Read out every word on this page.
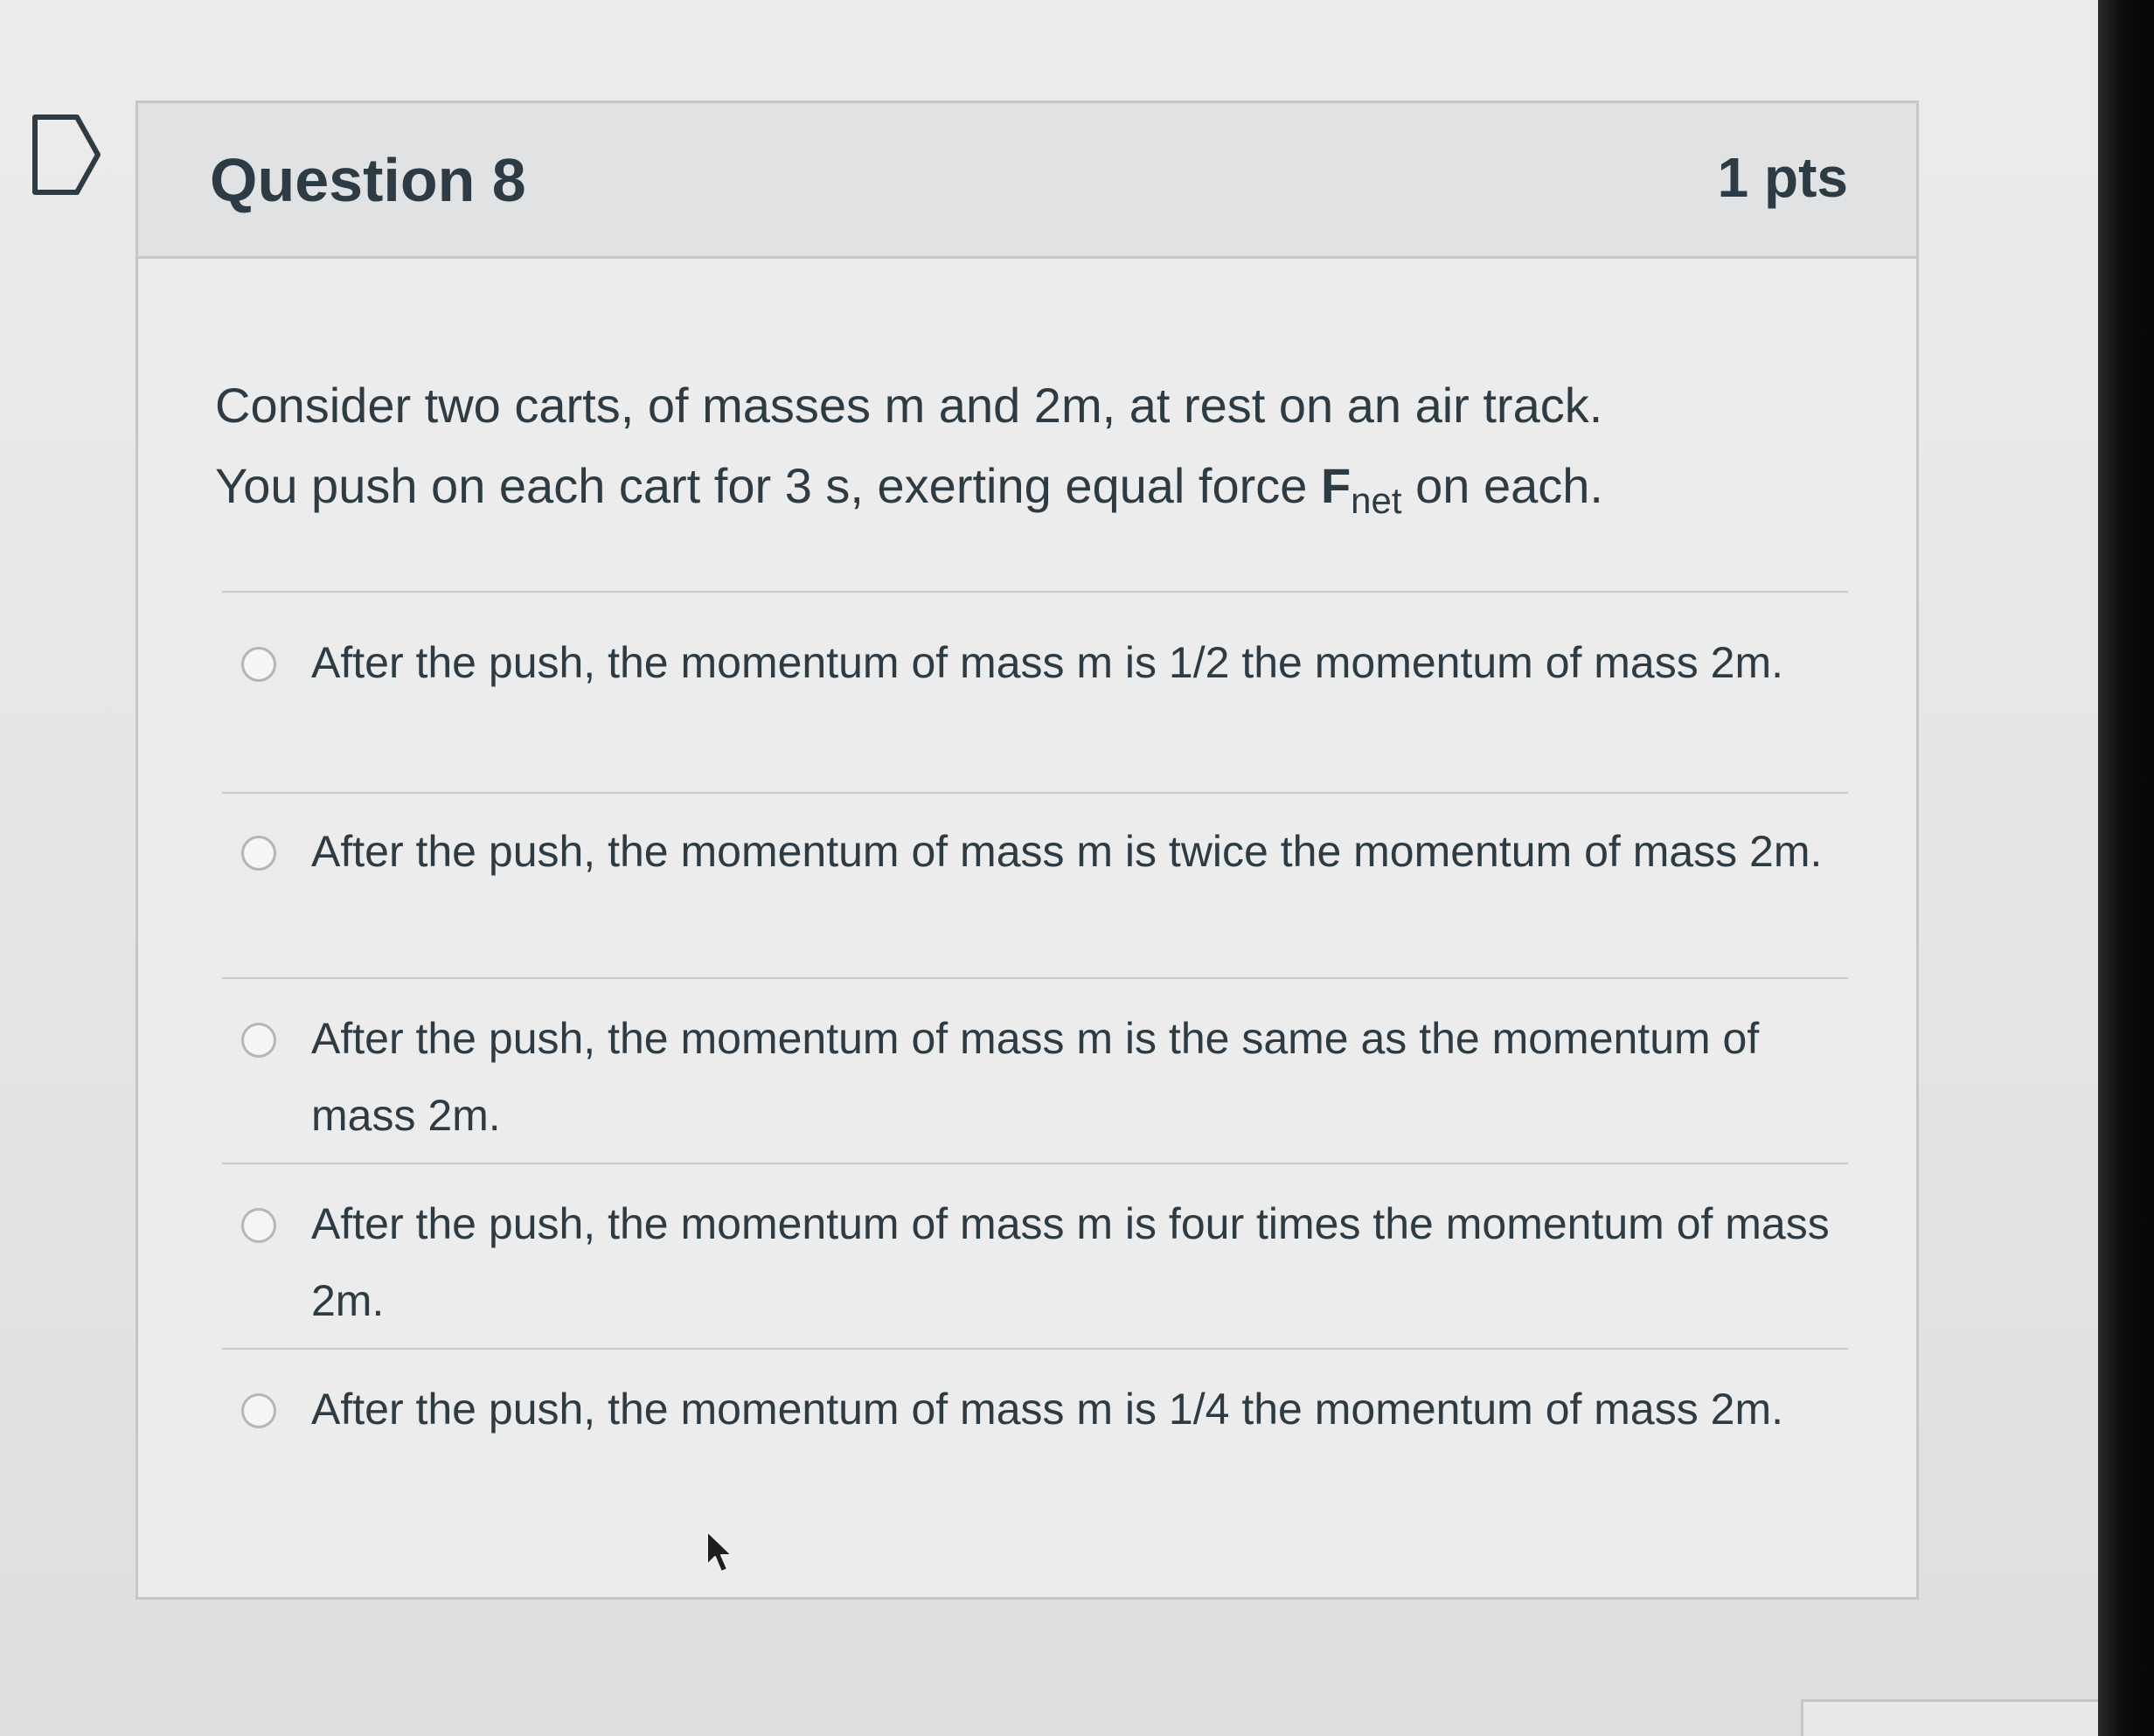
Question 8	1 pts
Consider two carts, of masses m and 2m, at rest on an air track.
You push on each cart for 3 s, exerting equal force $F_{net}$ on each.
After the push, the momentum of mass m is 1/2 the momentum of mass 2m.
After the push, the momentum of mass m is twice the momentum of mass 2m.
After the push, the momentum of mass m is the same as the momentum of mass 2m.
After the push, the momentum of mass m is four times the momentum of mass 2m.
After the push, the momentum of mass m is 1/4 the momentum of mass 2m.
